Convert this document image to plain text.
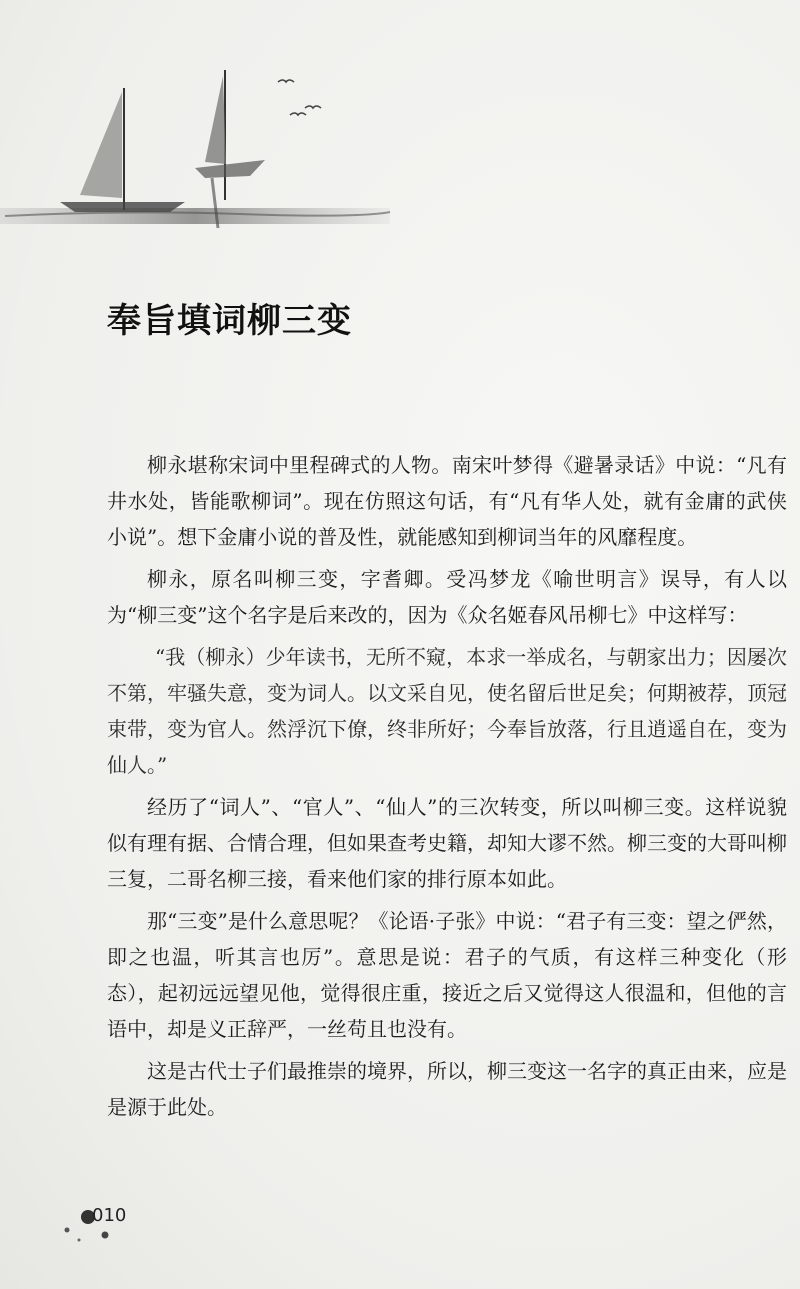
奉旨填词柳三变

柳永堪称宋词中里程碑式的人物。南宋叶梦得《避暑录话》中说：“凡有井水处，皆能歌柳词”。现在仿照这句话，有“凡有华人处，就有金庸的武侠小说”。想下金庸小说的普及性，就能感知到柳词当年的风靡程度。

柳永，原名叫柳三变，字耆卿。受冯梦龙《喻世明言》误导，有人以为“柳三变”这个名字是后来改的，因为《众名姬春风吊柳七》中这样写：

“我（柳永）少年读书，无所不窥，本求一举成名，与朝家出力；因屡次不第，牢骚失意，变为词人。以文采自见，使名留后世足矣；何期被荐，顶冠束带，变为官人。然浮沉下僚，终非所好；今奉旨放落，行且逍遥自在，变为仙人。”

经历了“词人”、“官人”、“仙人”的三次转变，所以叫柳三变。这样说貌似有理有据、合情合理，但如果查考史籍，却知大谬不然。柳三变的大哥叫柳三复，二哥名柳三接，看来他们家的排行原本如此。

那“三变”是什么意思呢？《论语·子张》中说：“君子有三变：望之俨然，即之也温，听其言也厉”。意思是说：君子的气质，有这样三种变化（形态），起初远远望见他，觉得很庄重，接近之后又觉得这人很温和，但他的言语中，却是义正辞严，一丝苟且也没有。

这是古代士子们最推崇的境界，所以，柳三变这一名字的真正由来，应是是源于此处。

010
